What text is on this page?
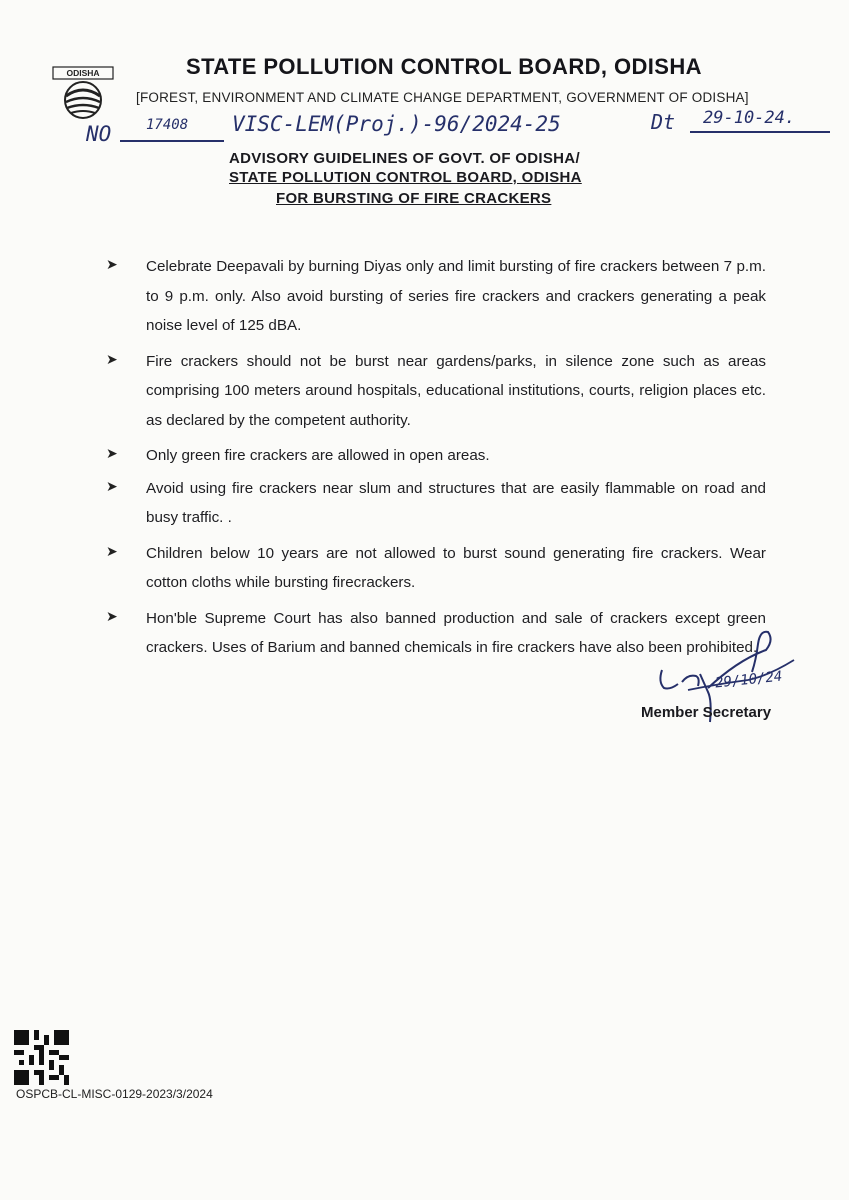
ODISHA	STATE POLLUTION CONTROL BOARD, ODISHA
[FOREST, ENVIRONMENT AND CLIMATE CHANGE DEPARTMENT, GOVERNMENT OF ODISHA]
NO 17408 VISC-LEM(Proj.)-96/2024-25	Dt 29-10-24.
ADVISORY GUIDELINES OF GOVT. OF ODISHA/
STATE POLLUTION CONTROL BOARD, ODISHA
FOR BURSTING OF FIRE CRACKERS
➤ Celebrate Deepavali by burning Diyas only and limit bursting of fire crackers between 7 p.m. to 9 p.m. only. Also avoid bursting of series fire crackers and crackers generating a peak noise level of 125 dBA.
➤ Fire crackers should not be burst near gardens/parks, in silence zone such as areas comprising 100 meters around hospitals, educational institutions, courts, religion places etc. as declared by the competent authority.
➤ Only green fire crackers are allowed in open areas.
➤ Avoid using fire crackers near slum and structures that are easily flammable on road and busy traffic. .
➤ Children below 10 years are not allowed to burst sound generating fire crackers. Wear cotton cloths while bursting firecrackers.
➤ Hon'ble Supreme Court has also banned production and sale of crackers except green crackers. Uses of Barium and banned chemicals in fire crackers have also been prohibited.
29/10/24
Member Secretary
OSPCB-CL-MISC-0129-2023/3/2024
